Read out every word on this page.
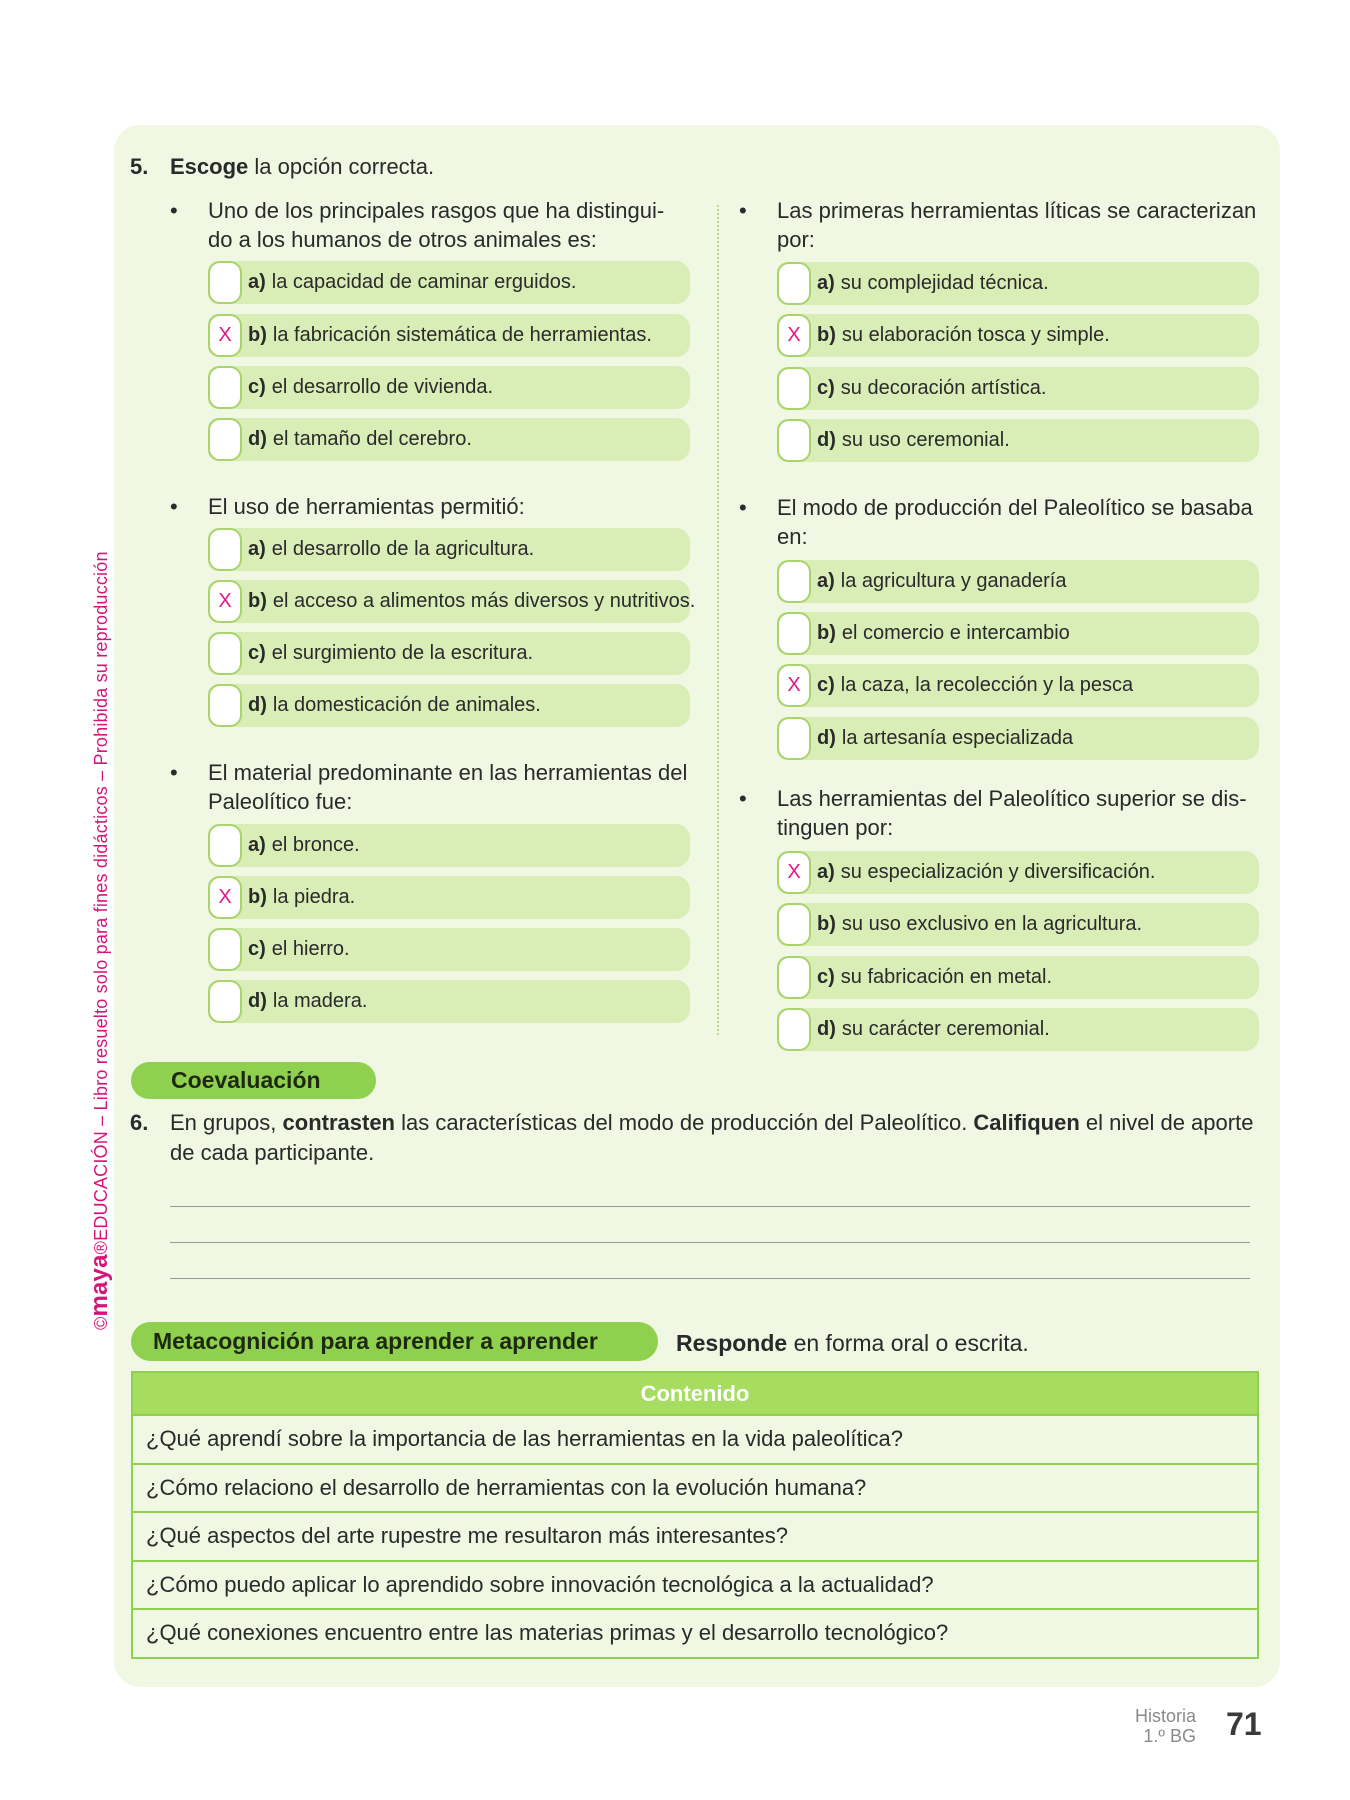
©maya®EDUCACIÓN – Libro resuelto solo para fines didácticos – Prohibida su reproducción
5. Escoge la opción correcta.
• Uno de los principales rasgos que ha distingui-
do a los humanos de otros animales es:
a) la capacidad de caminar erguidos.
X b) la fabricación sistemática de herramientas.
c) el desarrollo de vivienda.
d) el tamaño del cerebro.
• El uso de herramientas permitió:
a) el desarrollo de la agricultura.
X b) el acceso a alimentos más diversos y nutritivos.
c) el surgimiento de la escritura.
d) la domesticación de animales.
• El material predominante en las herramientas del
Paleolítico fue:
a) el bronce.
X b) la piedra.
c) el hierro.
d) la madera.
• Las primeras herramientas líticas se caracterizan
por:
a) su complejidad técnica.
X b) su elaboración tosca y simple.
c) su decoración artística.
d) su uso ceremonial.
• El modo de producción del Paleolítico se basaba
en:
a) la agricultura y ganadería
b) el comercio e intercambio
X c) la caza, la recolección y la pesca
d) la artesanía especializada
• Las herramientas del Paleolítico superior se dis-
tinguen por:
X a) su especialización y diversificación.
b) su uso exclusivo en la agricultura.
c) su fabricación en metal.
d) su carácter ceremonial.
Coevaluación
6. En grupos, contrasten las características del modo de producción del Paleolítico. Califiquen el nivel de aporte de cada participante.
Metacognición para aprender a aprender	Responde en forma oral o escrita.
Contenido
¿Qué aprendí sobre la importancia de las herramientas en la vida paleolítica?
¿Cómo relaciono el desarrollo de herramientas con la evolución humana?
¿Qué aspectos del arte rupestre me resultaron más interesantes?
¿Cómo puedo aplicar lo aprendido sobre innovación tecnológica a la actualidad?
¿Qué conexiones encuentro entre las materias primas y el desarrollo tecnológico?
Historia
1.º BG 71
